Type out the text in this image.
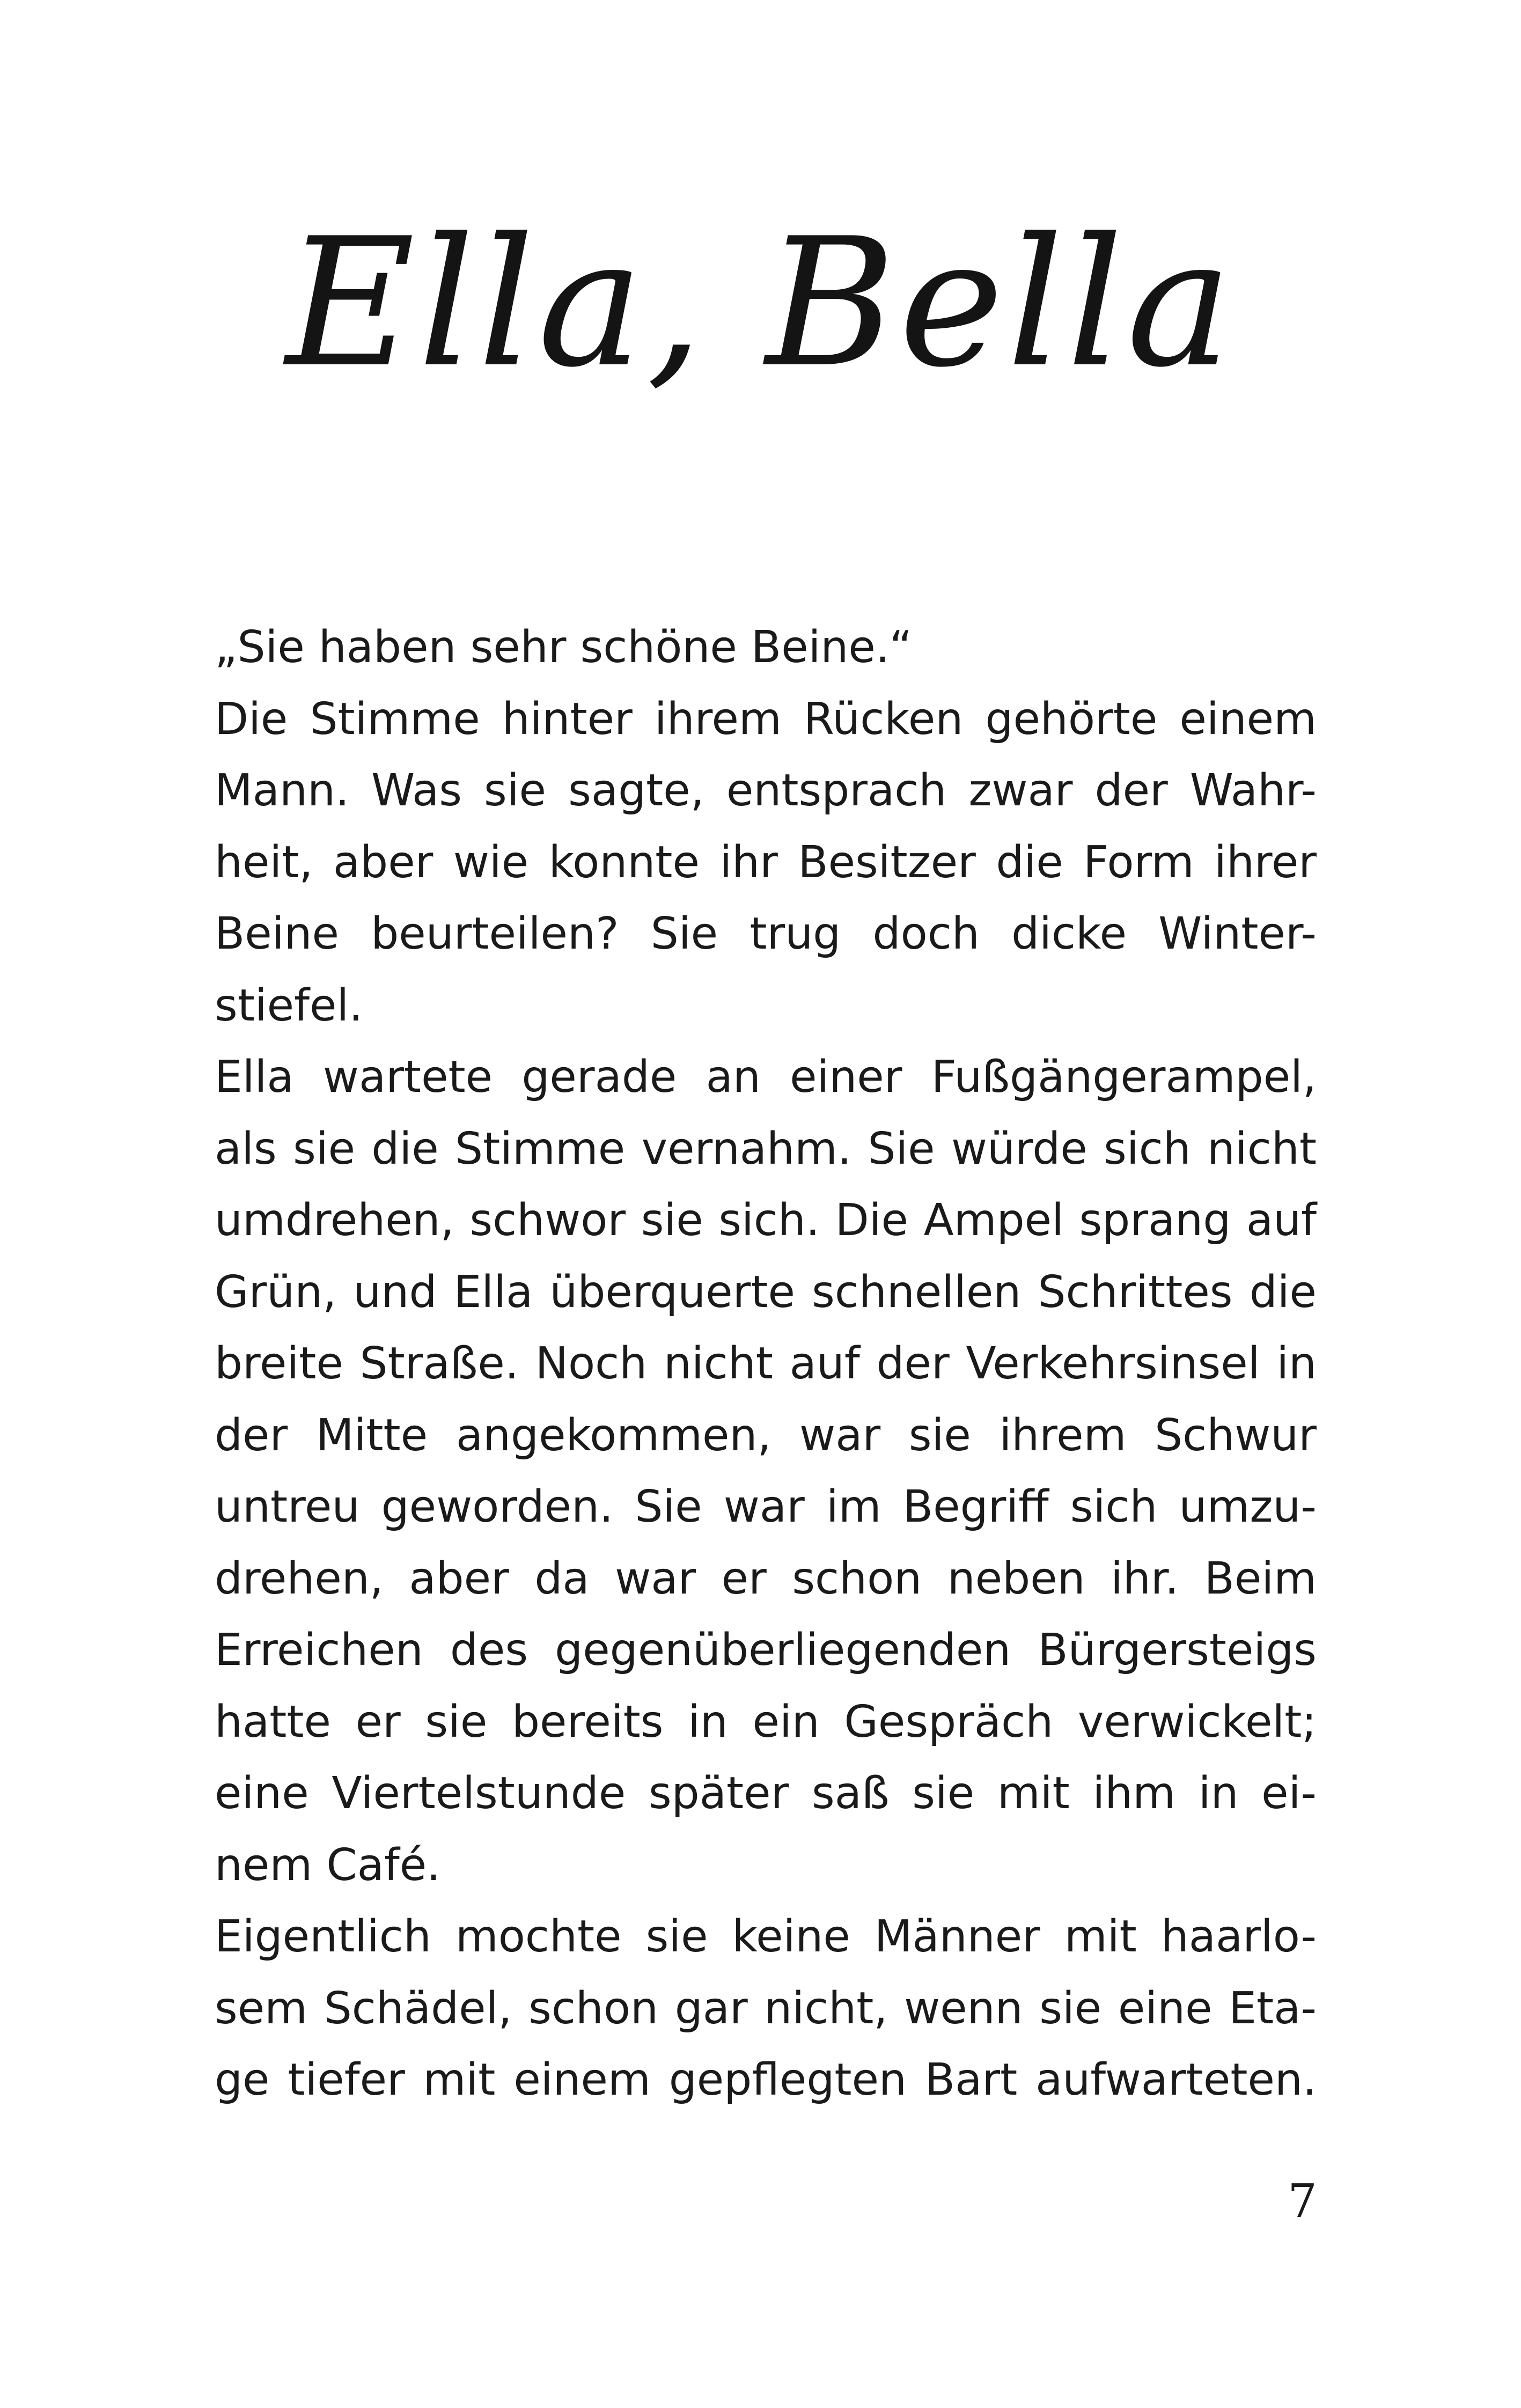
Ella, Bella
„Sie haben sehr schöne Beine.“
Die Stimme hinter ihrem Rücken gehörte einem
Mann. Was sie sagte, entsprach zwar der Wahr-
heit, aber wie konnte ihr Besitzer die Form ihrer
Beine beurteilen? Sie trug doch dicke Winter-
stiefel.
Ella wartete gerade an einer Fußgängerampel,
als sie die Stimme vernahm. Sie würde sich nicht
umdrehen, schwor sie sich. Die Ampel sprang auf
Grün, und Ella überquerte schnellen Schrittes die
breite Straße. Noch nicht auf der Verkehrsinsel in
der Mitte angekommen, war sie ihrem Schwur
untreu geworden. Sie war im Begriff sich umzu-
drehen, aber da war er schon neben ihr. Beim
Erreichen des gegenüberliegenden Bürgersteigs
hatte er sie bereits in ein Gespräch verwickelt;
eine Viertelstunde später saß sie mit ihm in ei-
nem Café.
Eigentlich mochte sie keine Männer mit haarlo-
sem Schädel, schon gar nicht, wenn sie eine Eta-
ge tiefer mit einem gepflegten Bart aufwarteten.
7
